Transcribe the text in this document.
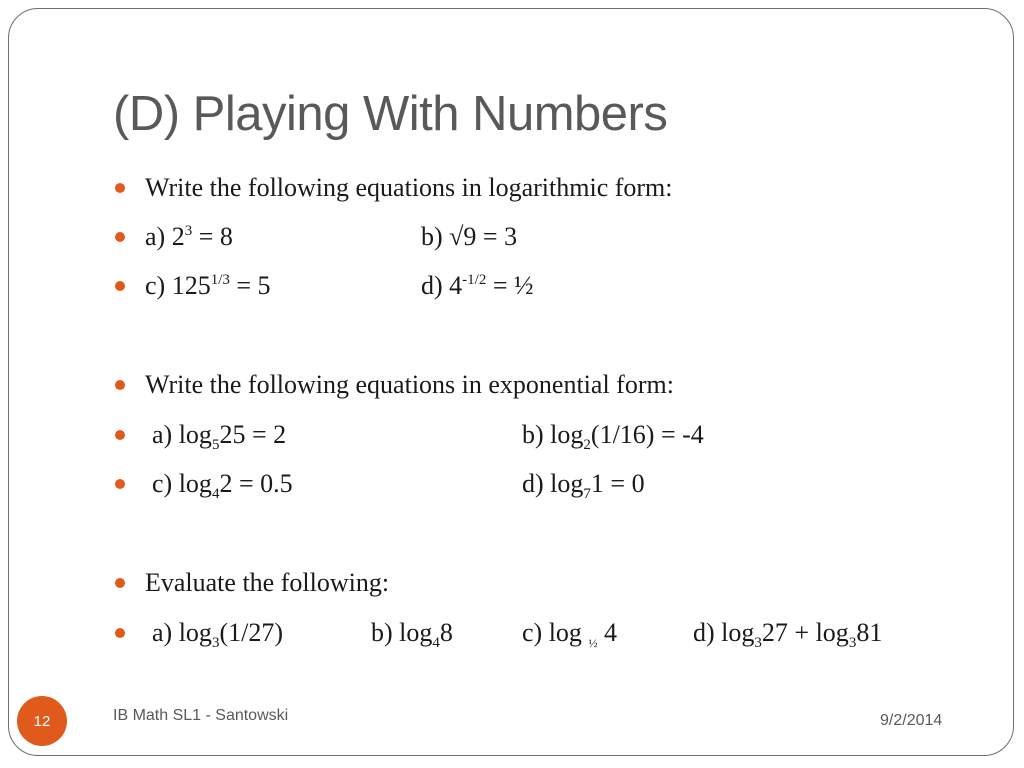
(D) Playing With Numbers
Write the following equations in logarithmic form:
a) $2^3 = 8$	b) √9 = 3
c) $125^{1/3} = 5$	d) $4^{-1/2}$ = ½
Write the following equations in exponential form:
a) $\log_525 = 2$	b) $\log_2(1/16) = -4$
c) $\log_42 = 0.5$	d) $\log_71 = 0$
Evaluate the following:
a) $\log_3(1/27)$	b) $\log_48$	c) log $_{\frac{1}{2}}$ 4	d) $\log_327 + \log_381$
12	IB Math SL1 - Santowski	9/2/2014
